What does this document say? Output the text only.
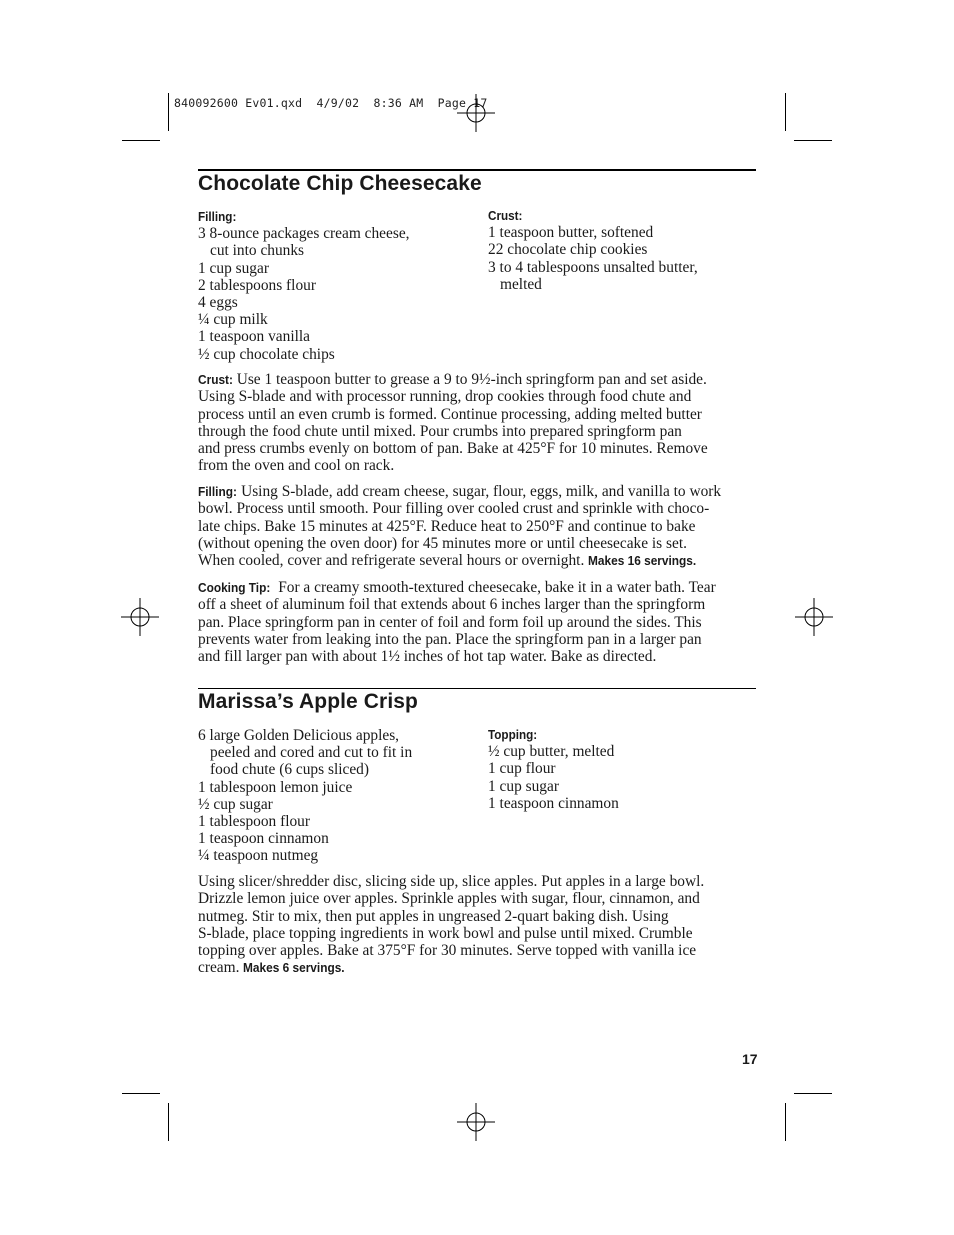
840092600 Ev01.qxd  4/9/02  8:36 AM  Page 17
Chocolate Chip Cheesecake
Filling:
3 8-ounce packages cream cheese,
cut into chunks
1 cup sugar
2 tablespoons flour
4 eggs
¼ cup milk
1 teaspoon vanilla
½ cup chocolate chips
Crust:
1 teaspoon butter, softened
22 chocolate chip cookies
3 to 4 tablespoons unsalted butter,
melted
Crust: Use 1 teaspoon butter to grease a 9 to 9½-inch springform pan and set aside.
Using S-blade and with processor running, drop cookies through food chute and
process until an even crumb is formed. Continue processing, adding melted butter
through the food chute until mixed. Pour crumbs into prepared springform pan
and press crumbs evenly on bottom of pan. Bake at 425°F for 10 minutes. Remove
from the oven and cool on rack.
Filling: Using S-blade, add cream cheese, sugar, flour, eggs, milk, and vanilla to work
bowl. Process until smooth. Pour filling over cooled crust and sprinkle with choco-
late chips. Bake 15 minutes at 425°F. Reduce heat to 250°F and continue to bake
(without opening the oven door) for 45 minutes more or until cheesecake is set.
When cooled, cover and refrigerate several hours or overnight. Makes 16 servings.
Cooking Tip: For a creamy smooth-textured cheesecake, bake it in a water bath. Tear
off a sheet of aluminum foil that extends about 6 inches larger than the springform
pan. Place springform pan in center of foil and form foil up around the sides. This
prevents water from leaking into the pan. Place the springform pan in a larger pan
and fill larger pan with about 1½ inches of hot tap water. Bake as directed.
Marissa’s Apple Crisp
6 large Golden Delicious apples,
peeled and cored and cut to fit in
food chute (6 cups sliced)
1 tablespoon lemon juice
½ cup sugar
1 tablespoon flour
1 teaspoon cinnamon
¼ teaspoon nutmeg
Topping:
½ cup butter, melted
1 cup flour
1 cup sugar
1 teaspoon cinnamon
Using slicer/shredder disc, slicing side up, slice apples. Put apples in a large bowl.
Drizzle lemon juice over apples. Sprinkle apples with sugar, flour, cinnamon, and
nutmeg. Stir to mix, then put apples in ungreased 2-quart baking dish. Using
S-blade, place topping ingredients in work bowl and pulse until mixed. Crumble
topping over apples. Bake at 375°F for 30 minutes. Serve topped with vanilla ice
cream. Makes 6 servings.
17
